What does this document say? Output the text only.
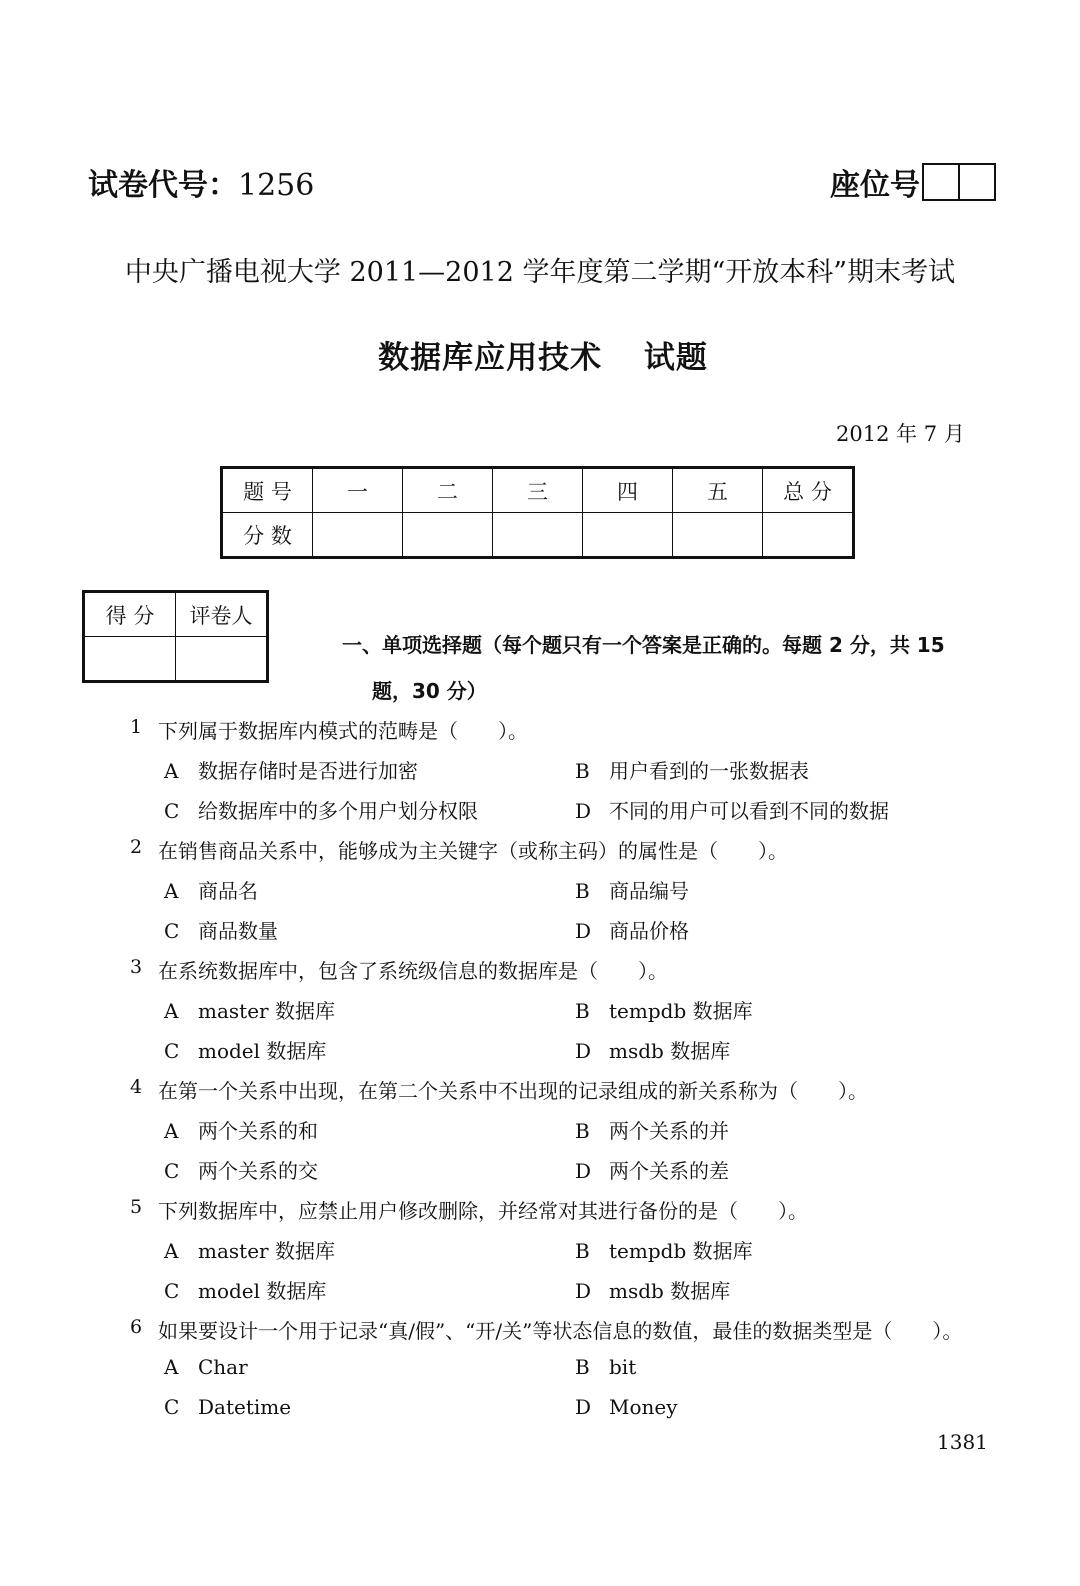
试卷代号：1256	座位号
中央广播电视大学 2011—2012 学年度第二学期“开放本科”期末考试
数据库应用技术 试题
2012 年 7 月
题 号	一	二	三	四	五	总 分
分 数						
得 分	评卷人

一、单项选择题（每个题只有一个答案是正确的。每题 2 分，共 15
题，30 分）
1 下列属于数据库内模式的范畴是（　　）。
A 数据存储时是否进行加密	B 用户看到的一张数据表
C 给数据库中的多个用户划分权限	D 不同的用户可以看到不同的数据
2 在销售商品关系中，能够成为主关键字（或称主码）的属性是（　　）。
A 商品名	B 商品编号
C 商品数量	D 商品价格
3 在系统数据库中，包含了系统级信息的数据库是（　　）。
A master 数据库	B tempdb 数据库
C model 数据库	D msdb 数据库
4 在第一个关系中出现，在第二个关系中不出现的记录组成的新关系称为（　　）。
A 两个关系的和	B 两个关系的并
C 两个关系的交	D 两个关系的差
5 下列数据库中，应禁止用户修改删除，并经常对其进行备份的是（　　）。
A master 数据库	B tempdb 数据库
C model 数据库	D msdb 数据库
6 如果要设计一个用于记录“真/假”、“开/关”等状态信息的数值，最佳的数据类型是（　　）。
A Char	B bit
C Datetime	D Money
1381
